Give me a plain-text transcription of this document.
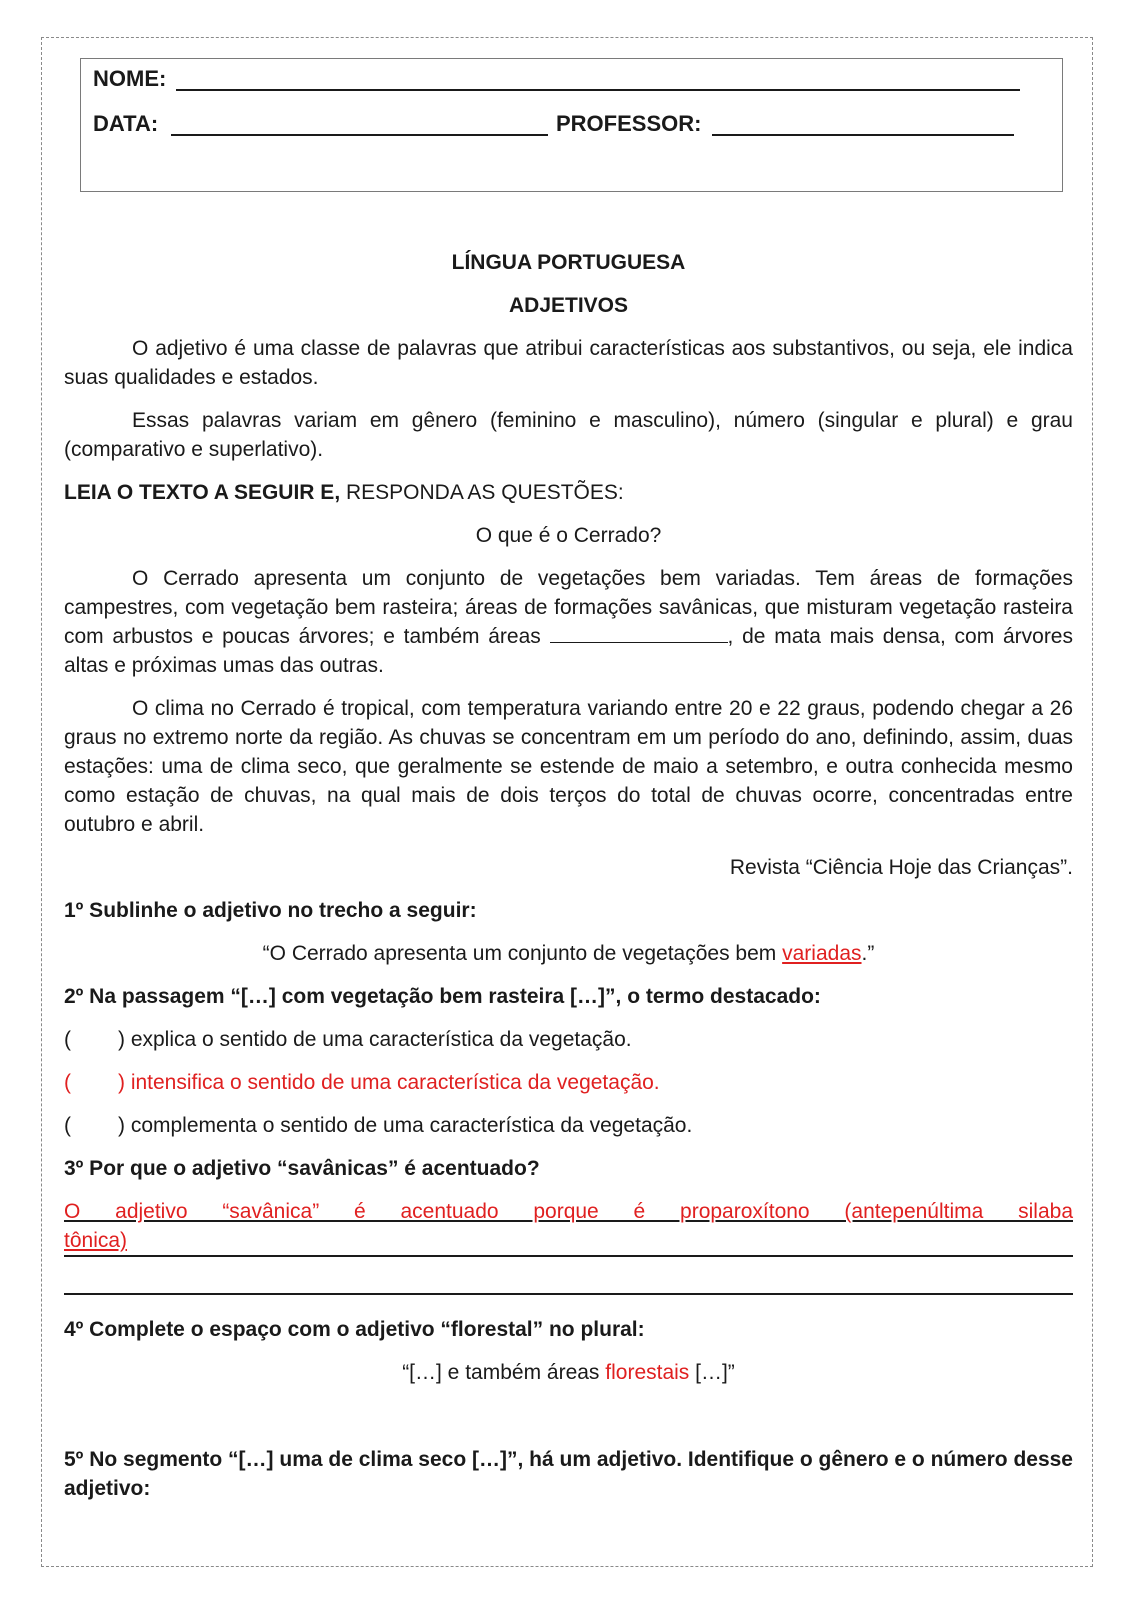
NOME:
DATA:	PROFESSOR:

LÍNGUA PORTUGUESA

ADJETIVOS

O adjetivo é uma classe de palavras que atribui características aos substantivos, ou seja, ele indica suas qualidades e estados.

Essas palavras variam em gênero (feminino e masculino), número (singular e plural) e grau (comparativo e superlativo).

LEIA O TEXTO A SEGUIR E, RESPONDA AS QUESTÕES:

O que é o Cerrado?

O Cerrado apresenta um conjunto de vegetações bem variadas. Tem áreas de formações campestres, com vegetação bem rasteira; áreas de formações savânicas, que misturam vegetação rasteira com arbustos e poucas árvores; e também áreas	, de mata mais densa, com árvores altas e próximas umas das outras.

O clima no Cerrado é tropical, com temperatura variando entre 20 e 22 graus, podendo chegar a 26 graus no extremo norte da região. As chuvas se concentram em um período do ano, definindo, assim, duas estações: uma de clima seco, que geralmente se estende de maio a setembro, e outra conhecida mesmo como estação de chuvas, na qual mais de dois terços do total de chuvas ocorre, concentradas entre outubro e abril.

Revista “Ciência Hoje das Crianças”.

1º Sublinhe o adjetivo no trecho a seguir:

“O Cerrado apresenta um conjunto de vegetações bem variadas.”

2º Na passagem “[…] com vegetação bem rasteira […]”, o termo destacado:

( ) explica o sentido de uma característica da vegetação.

( ) intensifica o sentido de uma característica da vegetação.

( ) complementa o sentido de uma característica da vegetação.

3º Por que o adjetivo “savânicas” é acentuado?

O adjetivo “savânica” é acentuado porque é proparoxítono (antepenúltima silaba
tônica)

4º Complete o espaço com o adjetivo “florestal” no plural:

“[…] e também áreas florestais […]”

5º No segmento “[…] uma de clima seco […]”, há um adjetivo. Identifique o gênero e o número desse adjetivo:
